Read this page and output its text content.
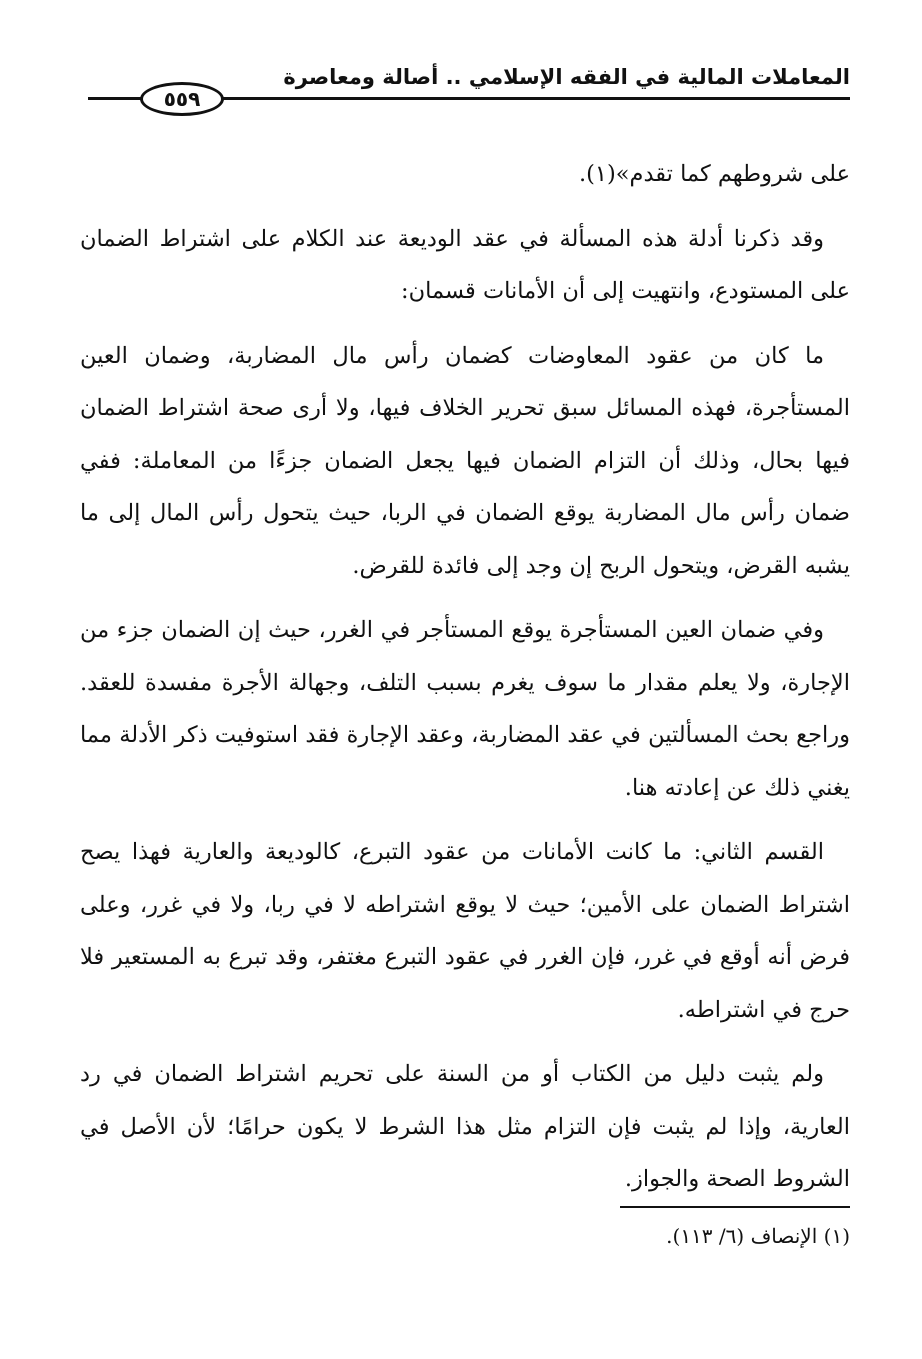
المعاملات المالية في الفقه الإسلامي .. أصالة ومعاصرة
٥٥٩

على شروطهم كما تقدم»(١).

وقد ذكرنا أدلة هذه المسألة في عقد الوديعة عند الكلام على اشتراط الضمان على المستودع، وانتهيت إلى أن الأمانات قسمان:

ما كان من عقود المعاوضات كضمان رأس مال المضاربة، وضمان العين المستأجرة، فهذه المسائل سبق تحرير الخلاف فيها، ولا أرى صحة اشتراط الضمان فيها بحال، وذلك أن التزام الضمان فيها يجعل الضمان جزءًا من المعاملة: ففي ضمان رأس مال المضاربة يوقع الضمان في الربا، حيث يتحول رأس المال إلى ما يشبه القرض، ويتحول الربح إن وجد إلى فائدة للقرض.

وفي ضمان العين المستأجرة يوقع المستأجر في الغرر، حيث إن الضمان جزء من الإجارة، ولا يعلم مقدار ما سوف يغرم بسبب التلف، وجهالة الأجرة مفسدة للعقد. وراجع بحث المسألتين في عقد المضاربة، وعقد الإجارة فقد استوفيت ذكر الأدلة مما يغني ذلك عن إعادته هنا.

القسم الثاني: ما كانت الأمانات من عقود التبرع، كالوديعة والعارية فهذا يصح اشتراط الضمان على الأمين؛ حيث لا يوقع اشتراطه لا في ربا، ولا في غرر، وعلى فرض أنه أوقع في غرر، فإن الغرر في عقود التبرع مغتفر، وقد تبرع به المستعير فلا حرج في اشتراطه.

ولم يثبت دليل من الكتاب أو من السنة على تحريم اشتراط الضمان في رد العارية، وإذا لم يثبت فإن التزام مثل هذا الشرط لا يكون حرامًا؛ لأن الأصل في الشروط الصحة والجواز.

(١) الإنصاف (٦/ ١١٣).
